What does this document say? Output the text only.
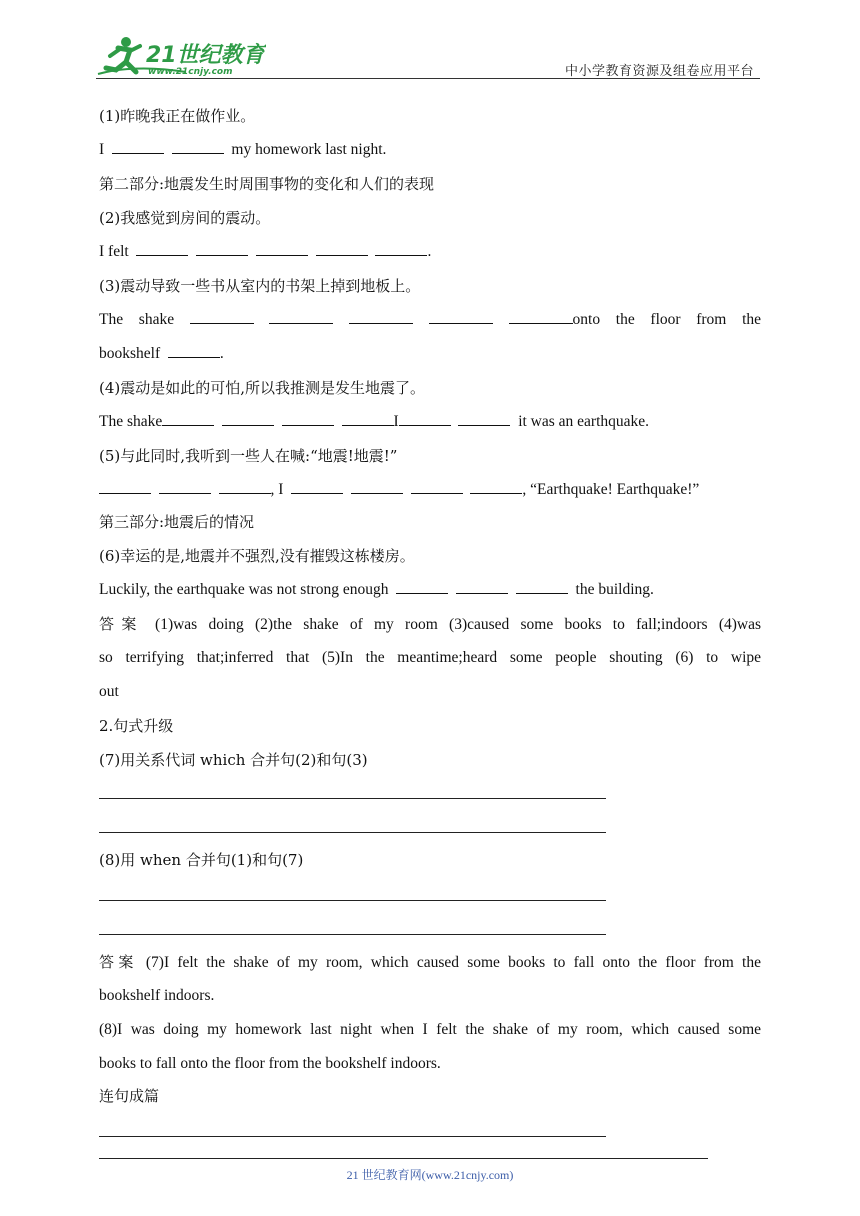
21世纪教育
www.21cnjy.com	中小学教育资源及组卷应用平台
(1)昨晚我正在做作业。
I	my homework last night.
第二部分:地震发生时周围事物的变化和人们的表现
(2)我感觉到房间的震动。
I felt	.
(3)震动导致一些书从室内的书架上掉到地板上。
The shake	onto the floor from the
bookshelf	.
(4)震动是如此的可怕,所以我推测是发生地震了。
The shake	I	it was an earthquake.
(5)与此同时,我听到一些人在喊:“地震!地震!”
, I	, “Earthquake! Earthquake!”
第三部分:地震后的情况
(6)幸运的是,地震并不强烈,没有摧毁这栋楼房。
Luckily, the earthquake was not strong enough	the building.
答案 (1)was doing (2)the shake of my room (3)caused some books to fall;indoors (4)was
so terrifying that;inferred that (5)In the meantime;heard some people shouting (6) to wipe
out
2.句式升级
(7)用关系代词 which 合并句(2)和句(3)
(8)用 when 合并句(1)和句(7)
答案 (7)I felt the shake of my room, which caused some books to fall onto the floor from the
bookshelf indoors.
(8)I was doing my homework last night when I felt the shake of my room, which caused some
books to fall onto the floor from the bookshelf indoors.
连句成篇
21 世纪教育网(www.21cnjy.com)
